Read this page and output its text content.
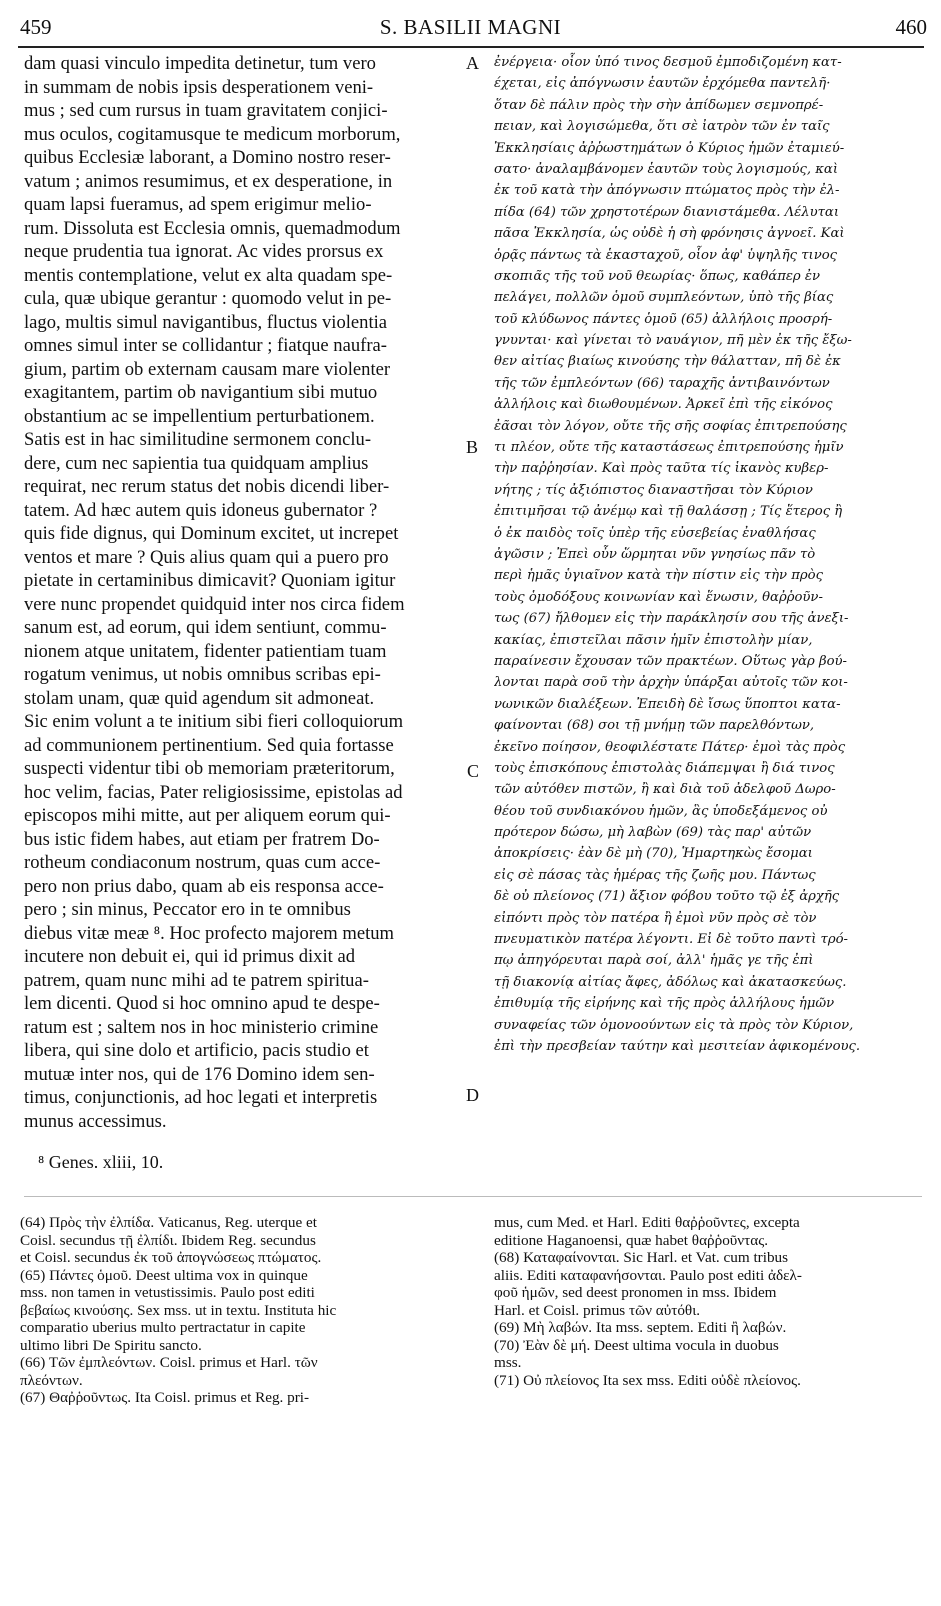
S. BASILII MAGNI
459	460
dam quasi vinculo impedita detinetur, tum vero
in summam de nobis ipsis desperationem veni-
mus ; sed cum rursus in tuam gravitatem conjici-
mus oculos, cogitamusque te medicum morborum,
quibus Ecclesiæ laborant, a Domino nostro reser-
vatum ; animos resumimus, et ex desperatione, in
quam lapsi fueramus, ad spem erigimur melio-
rum. Dissoluta est Ecclesia omnis, quemadmodum
neque prudentia tua ignorat. Ac vides prorsus ex
mentis contemplatione, velut ex alta quadam spe-
cula, quæ ubique gerantur : quomodo velut in pe-
lago, multis simul navigantibus, fluctus violentia
omnes simul inter se collidantur ; fiatque naufra-
gium, partim ob externam causam mare violenter
exagitantem, partim ob navigantium sibi mutuo
obstantium ac se impellentium perturbationem.
Satis est in hac similitudine sermonem conclu-
dere, cum nec sapientia tua quidquam amplius
requirat, nec rerum status det nobis dicendi liber-
tatem. Ad hæc autem quis idoneus gubernator ?
quis fide dignus, qui Dominum excitet, ut increpet
ventos et mare ? Quis alius quam qui a puero pro
pietate in certaminibus dimicavit? Quoniam igitur
vere nunc propendet quidquid inter nos circa fidem
sanum est, ad eorum, qui idem sentiunt, commu-
nionem atque unitatem, fidenter patientiam tuam
rogatum venimus, ut nobis omnibus scribas epi-
stolam unam, quæ quid agendum sit admoneat.
Sic enim volunt a te initium sibi fieri colloquiorum
ad communionem pertinentium. Sed quia fortasse
suspecti videntur tibi ob memoriam præteritorum,
hoc velim, facias, Pater religiosissime, epistolas ad
episcopos mihi mitte, aut per aliquem eorum qui-
bus istic fidem habes, aut etiam per fratrem Do-
rotheum condiaconum nostrum, quas cum acce-
pero non prius dabo, quam ab eis responsa acce-
pero ; sin minus, Peccator ero in te omnibus
diebus vitæ meæ ⁸. Hoc profecto majorem metum
incutere non debuit ei, qui id primus dixit ad
patrem, quam nunc mihi ad te patrem spiritua-
lem dicenti. Quod si hoc omnino apud te despe-
ratum est ; saltem nos in hoc ministerio crimine
libera, qui sine dolo et artificio, pacis studio et
mutuæ inter nos, qui de 176 Domino idem sen-
timus, conjunctionis, ad hoc legati et interpretis
munus accessimus.
A
B
C
D
ἐνέργεια· οἷον ὑπό τινος δεσμοῦ ἐμποδιζομένη κατ-
έχεται, εἰς ἀπόγνωσιν ἑαυτῶν ἐρχόμεθα παντελῆ·
ὅταν δὲ πάλιν πρὸς τὴν σὴν ἀπίδωμεν σεμνοπρέ-
πειαν, καὶ λογισώμεθα, ὅτι σὲ ἰατρὸν τῶν ἐν ταῖς
Ἐκκλησίαις ἀῤῥωστημάτων ὁ Κύριος ἡμῶν ἐταμιεύ-
σατο· ἀναλαμβάνομεν ἑαυτῶν τοὺς λογισμούς, καὶ
ἐκ τοῦ κατὰ τὴν ἀπόγνωσιν πτώματος πρὸς τὴν ἐλ-
πίδα (64) τῶν χρηστοτέρων διανιστάμεθα. Λέλυται
πᾶσα Ἐκκλησία, ὡς οὐδὲ ἡ σὴ φρόνησις ἀγνοεῖ. Καὶ
ὁρᾷς πάντως τὰ ἑκασταχοῦ, οἷον ἀφ' ὑψηλῆς τινος
σκοπιᾶς τῆς τοῦ νοῦ θεωρίας· ὅπως, καθάπερ ἐν
πελάγει, πολλῶν ὁμοῦ συμπλεόντων, ὑπὸ τῆς βίας
τοῦ κλύδωνος πάντες ὁμοῦ (65) ἀλλήλοις προσρή-
γνυνται· καὶ γίνεται τὸ ναυάγιον, πῆ μὲν ἐκ τῆς ἔξω-
θεν αἰτίας βιαίως κινούσης τὴν θάλατταν, πῆ δὲ ἐκ
τῆς τῶν ἐμπλεόντων (66) ταραχῆς ἀντιβαινόντων
ἀλλήλοις καὶ διωθουμένων. Ἀρκεῖ ἐπὶ τῆς εἰκόνος
ἐᾶσαι τὸν λόγον, οὔτε τῆς σῆς σοφίας ἐπιτρεπούσης
τι πλέον, οὔτε τῆς καταστάσεως ἐπιτρεπούσης ἡμῖν
τὴν παῤῥησίαν. Καὶ πρὸς ταῦτα τίς ἱκανὸς κυβερ-
νήτης ; τίς ἀξιόπιστος διαναστῆσαι τὸν Κύριον
ἐπιτιμῆσαι τῷ ἀνέμῳ καὶ τῇ θαλάσσῃ ; Τίς ἕτερος ἢ
ὁ ἐκ παιδὸς τοῖς ὑπὲρ τῆς εὐσεβείας ἐναθλήσας
ἀγῶσιν ; Ἐπεὶ οὖν ὥρμηται νῦν γνησίως πᾶν τὸ
περὶ ἡμᾶς ὑγιαῖνον κατὰ τὴν πίστιν εἰς τὴν πρὸς
τοὺς ὁμοδόξους κοινωνίαν καὶ ἕνωσιν, θαῤῥοῦν-
τως (67) ἤλθομεν εἰς τὴν παράκλησίν σου τῆς ἀνεξι-
κακίας, ἐπιστεῖλαι πᾶσιν ἡμῖν ἐπιστολὴν μίαν,
παραίνεσιν ἔχουσαν τῶν πρακτέων. Οὕτως γὰρ βού-
λονται παρὰ σοῦ τὴν ἀρχὴν ὑπάρξαι αὐτοῖς τῶν κοι-
νωνικῶν διαλέξεων. Ἐπειδὴ δὲ ἴσως ὕποπτοι κατα-
φαίνονται (68) σοι τῇ μνήμῃ τῶν παρελθόντων,
ἐκεῖνο ποίησον, θεοφιλέστατε Πάτερ· ἐμοὶ τὰς πρὸς
τοὺς ἐπισκόπους ἐπιστολὰς διάπεμψαι ἢ διά τινος
τῶν αὐτόθεν πιστῶν, ἢ καὶ διὰ τοῦ ἀδελφοῦ Δωρο-
θέου τοῦ συνδιακόνου ἡμῶν, ἃς ὑποδεξάμενος οὐ
πρότερον δώσω, μὴ λαβὼν (69) τὰς παρ' αὐτῶν
ἀποκρίσεις· ἐὰν δὲ μὴ (70), Ἡμαρτηκὼς ἔσομαι
εἰς σὲ πάσας τὰς ἡμέρας τῆς ζωῆς μου. Πάντως
δὲ οὐ πλείονος (71) ἄξιον φόβου τοῦτο τῷ ἐξ ἀρχῆς
εἰπόντι πρὸς τὸν πατέρα ἢ ἐμοὶ νῦν πρὸς σὲ τὸν
πνευματικὸν πατέρα λέγοντι. Εἰ δὲ τοῦτο παντὶ τρό-
πῳ ἀπηγόρευται παρὰ σοί, ἀλλ' ἡμᾶς γε τῆς ἐπὶ
τῇ διακονίᾳ αἰτίας ἄφες, ἀδόλως καὶ ἀκατασκεύως.
ἐπιθυμίᾳ τῆς εἰρήνης καὶ τῆς πρὸς ἀλλήλους ἡμῶν
συναφείας τῶν ὁμονοούντων εἰς τὰ πρὸς τὸν Κύριον,
ἐπὶ τὴν πρεσβείαν ταύτην καὶ μεσιτείαν ἀφικομένους.
⁸ Genes. xliii, 10.
(64) Πρὸς τὴν ἐλπίδα. Vaticanus, Reg. uterque et
Coisl. secundus τῇ ἐλπίδι. Ibidem Reg. secundus
et Coisl. secundus ἐκ τοῦ ἀπογνώσεως πτώματος.
(65) Πάντες ὁμοῦ. Deest ultima vox in quinque
mss. non tamen in vetustissimis. Paulo post editi
βεβαίως κινούσης. Sex mss. ut in textu. Instituta hic
comparatio uberius multo pertractatur in capite
ultimo libri De Spiritu sancto.
(66) Τῶν ἐμπλεόντων. Coisl. primus et Harl. τῶν
πλεόντων.
(67) Θαῤῥοῦντως. Ita Coisl. primus et Reg. pri-
mus, cum Med. et Harl. Editi θαῤῥοῦντες, excepta
editione Haganoensi, quæ habet θαῤῥοῦντας.
(68) Καταφαίνονται. Sic Harl. et Vat. cum tribus
aliis. Editi καταφανήσονται. Paulo post editi ἀδελ-
φοῦ ἡμῶν, sed deest pronomen in mss. Ibidem
Harl. et Coisl. primus τῶν αὐτόθι.
(69) Μὴ λαβών. Ita mss. septem. Editi ἢ λαβών.
(70) Ἐὰν δὲ μή. Deest ultima vocula in duobus
mss.
(71) Οὐ πλείονος Ita sex mss. Editi οὐδὲ πλείονος.
